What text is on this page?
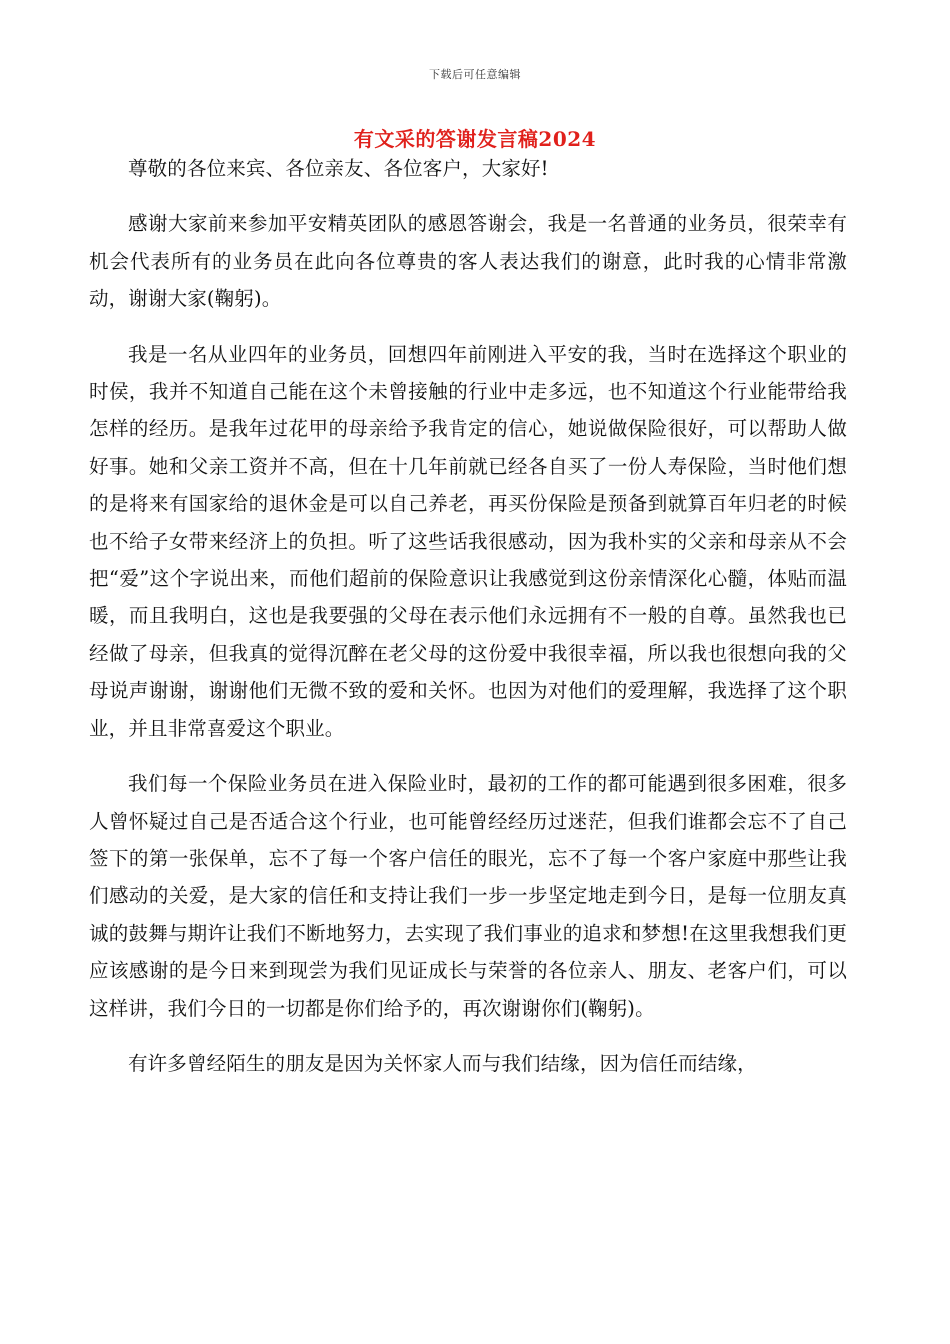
下载后可任意编辑
有文采的答谢发言稿2024

尊敬的各位来宾、各位亲友、各位客户，大家好!

感谢大家前来参加平安精英团队的感恩答谢会，我是一名普通的业务员，很荣幸有机会代表所有的业务员在此向各位尊贵的客人表达我们的谢意，此时我的心情非常激动，谢谢大家(鞠躬)。

我是一名从业四年的业务员，回想四年前刚进入平安的我，当时在选择这个职业的时侯，我并不知道自己能在这个未曾接触的行业中走多远，也不知道这个行业能带给我怎样的经历。是我年过花甲的母亲给予我肯定的信心，她说做保险很好，可以帮助人做好事。她和父亲工资并不高，但在十几年前就已经各自买了一份人寿保险，当时他们想的是将来有国家给的退休金是可以自己养老，再买份保险是预备到就算百年归老的时候也不给子女带来经济上的负担。听了这些话我很感动，因为我朴实的父亲和母亲从不会把“爱”这个字说出来，而他们超前的保险意识让我感觉到这份亲情深化心髓，体贴而温暖，而且我明白，这也是我要强的父母在表示他们永远拥有不一般的自尊。虽然我也已经做了母亲，但我真的觉得沉醉在老父母的这份爱中我很幸福，所以我也很想向我的父母说声谢谢，谢谢他们无微不致的爱和关怀。也因为对他们的爱理解，我选择了这个职业，并且非常喜爱这个职业。

我们每一个保险业务员在进入保险业时，最初的工作的都可能遇到很多困难，很多人曾怀疑过自己是否适合这个行业，也可能曾经经历过迷茫，但我们谁都会忘不了自己签下的第一张保单，忘不了每一个客户信任的眼光，忘不了每一个客户家庭中那些让我们感动的关爱，是大家的信任和支持让我们一步一步坚定地走到今日，是每一位朋友真诚的鼓舞与期许让我们不断地努力，去实现了我们事业的追求和梦想!在这里我想我们更应该感谢的是今日来到现尝为我们见证成长与荣誉的各位亲人、朋友、老客户们，可以这样讲，我们今日的一切都是你们给予的，再次谢谢你们(鞠躬)。

有许多曾经陌生的朋友是因为关怀家人而与我们结缘，因为信任而结缘，
